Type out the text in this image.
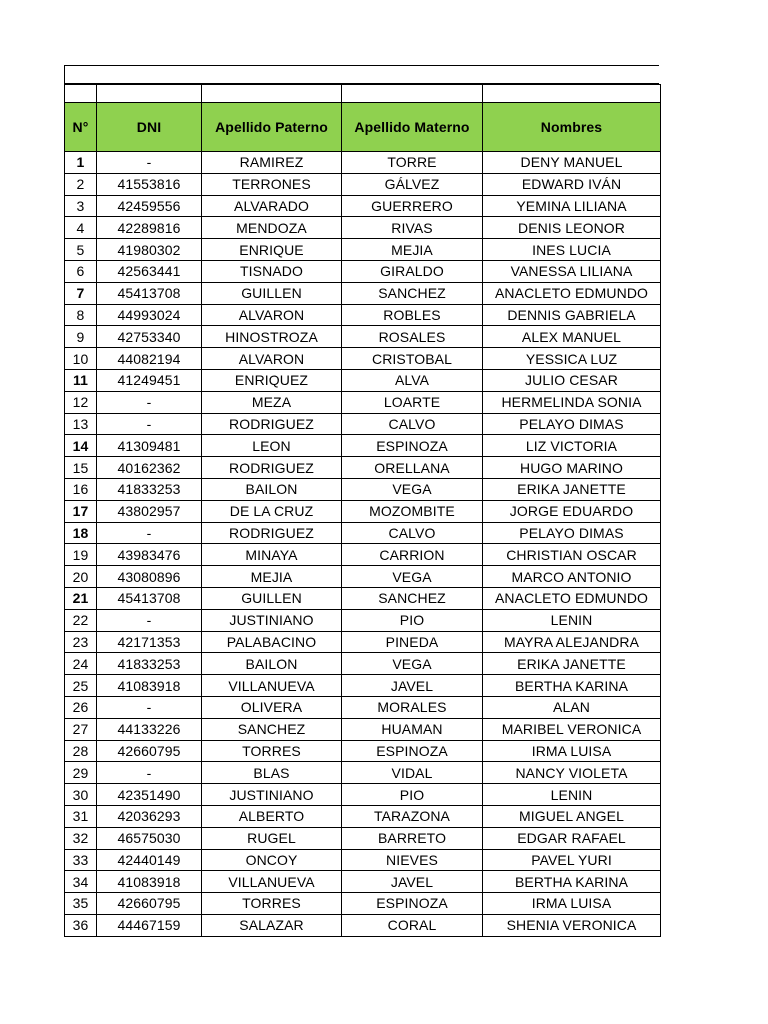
N°	DNI	Apellido Paterno	Apellido Materno	Nombres
1	-	RAMIREZ	TORRE	DENY MANUEL
2	41553816	TERRONES	GÁLVEZ	EDWARD IVÁN
3	42459556	ALVARADO	GUERRERO	YEMINA LILIANA
4	42289816	MENDOZA	RIVAS	DENIS LEONOR
5	41980302	ENRIQUE	MEJIA	INES LUCIA
6	42563441	TISNADO	GIRALDO	VANESSA LILIANA
7	45413708	GUILLEN	SANCHEZ	ANACLETO EDMUNDO
8	44993024	ALVARON	ROBLES	DENNIS GABRIELA
9	42753340	HINOSTROZA	ROSALES	ALEX MANUEL
10	44082194	ALVARON	CRISTOBAL	YESSICA LUZ
11	41249451	ENRIQUEZ	ALVA	JULIO CESAR
12	-	MEZA	LOARTE	HERMELINDA SONIA
13	-	RODRIGUEZ	CALVO	PELAYO DIMAS
14	41309481	LEON	ESPINOZA	LIZ VICTORIA
15	40162362	RODRIGUEZ	ORELLANA	HUGO MARINO
16	41833253	BAILON	VEGA	ERIKA JANETTE
17	43802957	DE LA CRUZ	MOZOMBITE	JORGE EDUARDO
18	-	RODRIGUEZ	CALVO	PELAYO DIMAS
19	43983476	MINAYA	CARRION	CHRISTIAN OSCAR
20	43080896	MEJIA	VEGA	MARCO ANTONIO
21	45413708	GUILLEN	SANCHEZ	ANACLETO EDMUNDO
22	-	JUSTINIANO	PIO	LENIN
23	42171353	PALABACINO	PINEDA	MAYRA ALEJANDRA
24	41833253	BAILON	VEGA	ERIKA JANETTE
25	41083918	VILLANUEVA	JAVEL	BERTHA KARINA
26	-	OLIVERA	MORALES	ALAN
27	44133226	SANCHEZ	HUAMAN	MARIBEL VERONICA
28	42660795	TORRES	ESPINOZA	IRMA LUISA
29	-	BLAS	VIDAL	NANCY VIOLETA
30	42351490	JUSTINIANO	PIO	LENIN
31	42036293	ALBERTO	TARAZONA	MIGUEL ANGEL
32	46575030	RUGEL	BARRETO	EDGAR RAFAEL
33	42440149	ONCOY	NIEVES	PAVEL YURI
34	41083918	VILLANUEVA	JAVEL	BERTHA KARINA
35	42660795	TORRES	ESPINOZA	IRMA LUISA
36	44467159	SALAZAR	CORAL	SHENIA VERONICA
